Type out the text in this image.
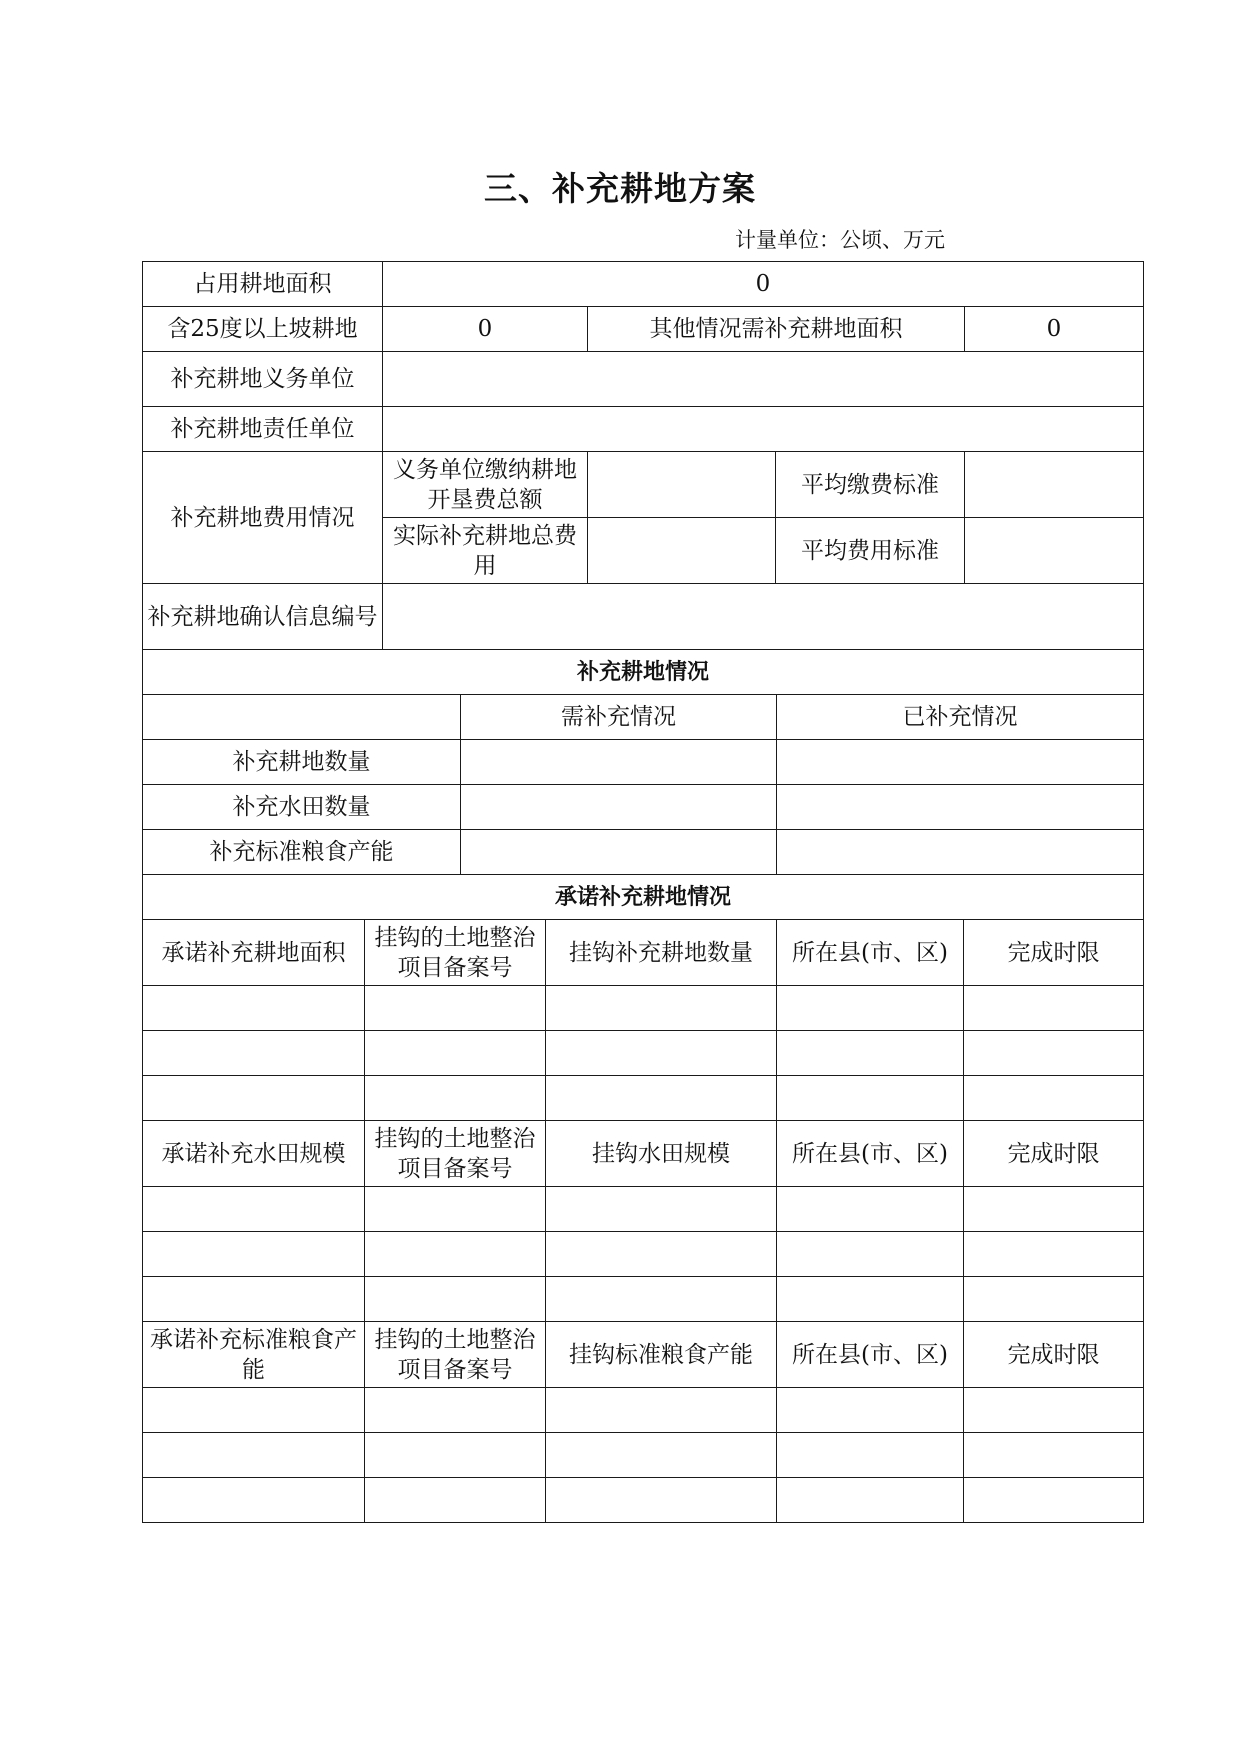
三、补充耕地方案
计量单位：公顷、万元
占用耕地面积	0		
含25度以上坡耕地	0	其他情况需补充耕地面积	0
补充耕地义务单位			
补充耕地责任单位			
补充耕地费用情况	义务单位缴纳耕地开垦费总额		平均缴费标准	
	实际补充耕地总费用		平均费用标准	
补充耕地确认信息编号				
补充耕地情况		
	需补充情况	已补充情况
补充耕地数量		
补充水田数量		
补充标准粮食产能		
承诺补充耕地情况				
承诺补充耕地面积	挂钩的土地整治项目备案号	挂钩补充耕地数量	所在县(市、区)	完成时限

承诺补充水田规模	挂钩的土地整治项目备案号	挂钩水田规模	所在县(市、区)	完成时限

承诺补充标准粮食产能	挂钩的土地整治项目备案号	挂钩标准粮食产能	所在县(市、区)	完成时限
